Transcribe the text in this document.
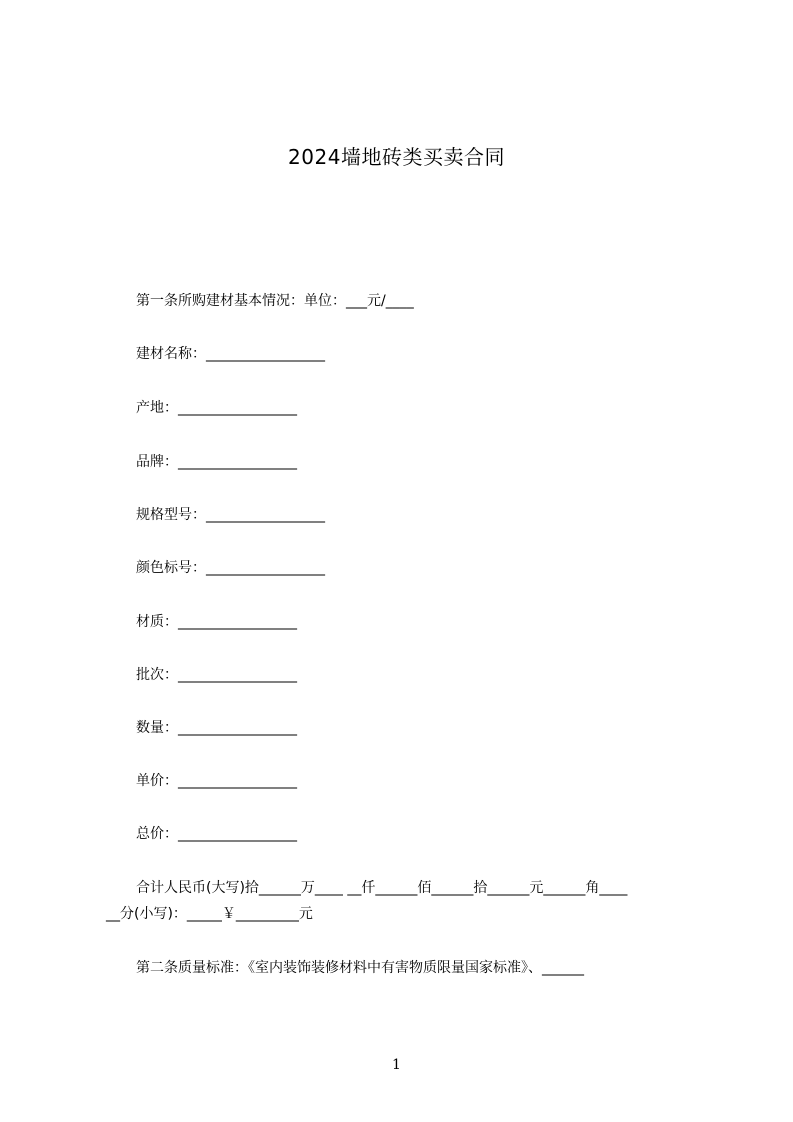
2024墙地砖类买卖合同
第一条所购建材基本情况：单位：___元/____
建材名称：_________________
产地：_________________
品牌：_________________
规格型号：_________________
颜色标号：_________________
材质：_________________
批次：_________________
数量：_________________
单价：_________________
总价：_________________
合计人民币(大写)拾______万____ __仟______佰______拾______元______角____
__分(小写)：_____￥_________元
第二条质量标准：《室内装饰装修材料中有害物质限量国家标准》、______
1
